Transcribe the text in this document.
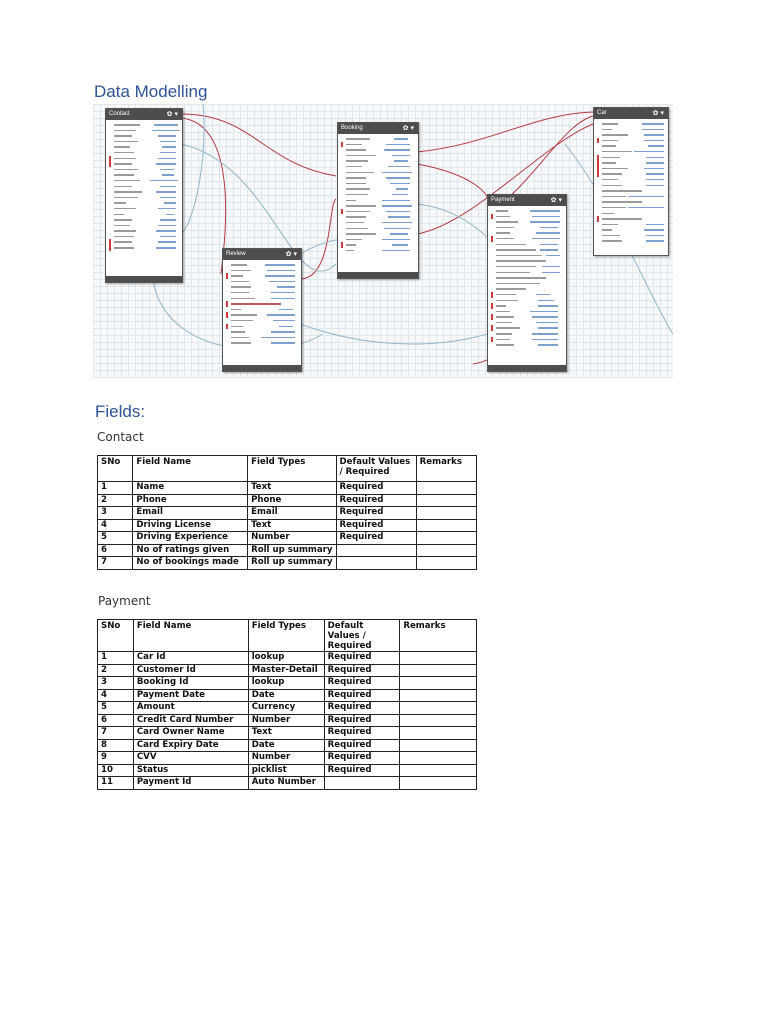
Data Modelling
Contact	✿ ▾
Review	✿ ▾
Booking	✿ ▾
Payment	✿ ▾
Car	✿ ▾
Fields:
Contact
SNo	Field Name	Field Types	Default Values / Required	Remarks
1	Name	Text	Required	
2	Phone	Phone	Required	
3	Email	Email	Required	
4	Driving License	Text	Required	
5	Driving Experience	Number	Required	
6	No of ratings given	Roll up summary		
7	No of bookings made	Roll up summary		
Payment
SNo	Field Name	Field Types	Default Values / Required	Remarks
1	Car Id	lookup	Required	
2	Customer Id	Master-Detail	Required	
3	Booking Id	lookup	Required	
4	Payment Date	Date	Required	
5	Amount	Currency	Required	
6	Credit Card Number	Number	Required	
7	Card Owner Name	Text	Required	
8	Card Expiry Date	Date	Required	
9	CVV	Number	Required	
10	Status	picklist	Required	
11	Payment Id	Auto Number		
